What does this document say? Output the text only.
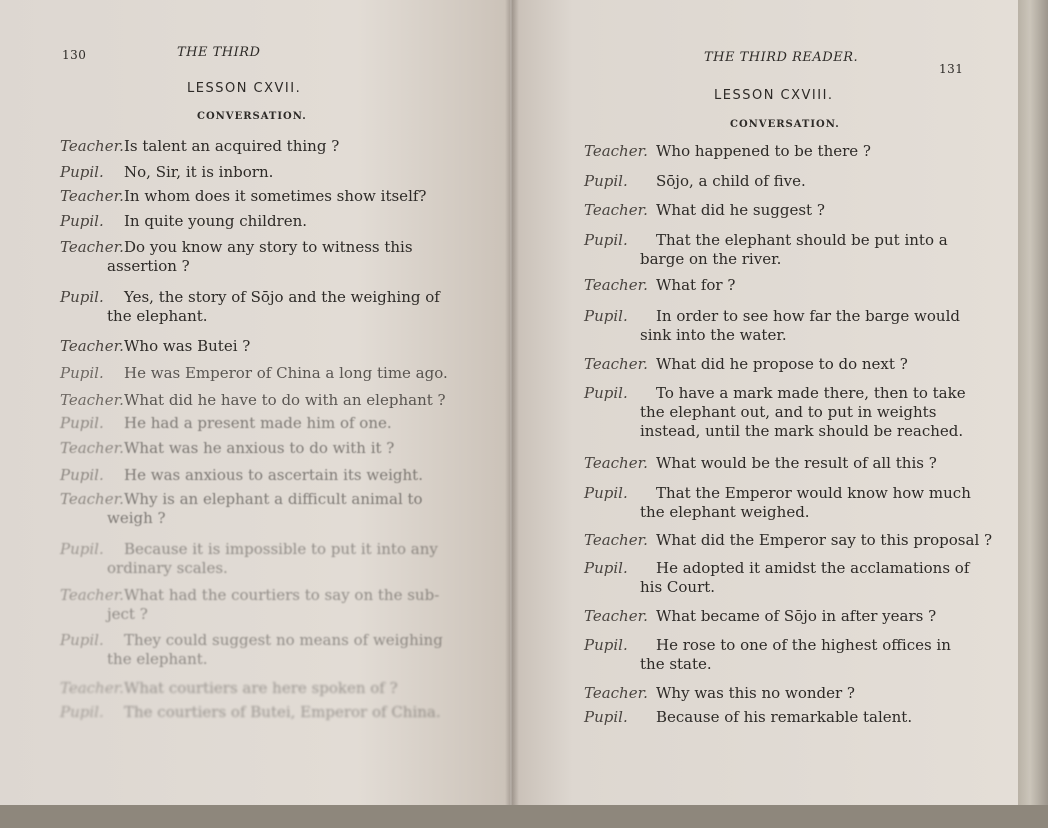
130	THE THIRD
LESSON CXVII.
CONVERSATION.
Teacher.Is talent an acquired thing ?
Pupil. No, Sir, it is inborn.
Teacher.In whom does it sometimes show itself?
Pupil. In quite young children.
Teacher.Do you know any story to witness this
assertion ?
Pupil. Yes, the story of Sōjo and the weighing of
the elephant.
Teacher.Who was Butei ?
Pupil. He was Emperor of China a long time ago.
Teacher.What did he have to do with an elephant ?
Pupil. He had a present made him of one.
Teacher.What was he anxious to do with it ?
Pupil. He was anxious to ascertain its weight.
Teacher.Why is an elephant a difficult animal to
weigh ?
Pupil. Because it is impossible to put it into any
ordinary scales.
Teacher.What had the courtiers to say on the sub-
ject ?
Pupil. They could suggest no means of weighing
the elephant.
Teacher.What courtiers are here spoken of ?
Pupil. The courtiers of Butei, Emperor of China.
THE THIRD READER.
131
LESSON CXVIII.
CONVERSATION.
Teacher. Who happened to be there ?
Pupil. Sōjo, a child of five.
Teacher. What did he suggest ?
Pupil. That the elephant should be put into a
barge on the river.
Teacher. What for ?
Pupil. In order to see how far the barge would
sink into the water.
Teacher. What did he propose to do next ?
Pupil. To have a mark made there, then to take
the elephant out, and to put in weights
instead, until the mark should be reached.
Teacher. What would be the result of all this ?
Pupil. That the Emperor would know how much
the elephant weighed.
Teacher. What did the Emperor say to this proposal ?
Pupil. He adopted it amidst the acclamations of
his Court.
Teacher. What became of Sōjo in after years ?
Pupil. He rose to one of the highest offices in
the state.
Teacher. Why was this no wonder ?
Pupil. Because of his remarkable talent.
